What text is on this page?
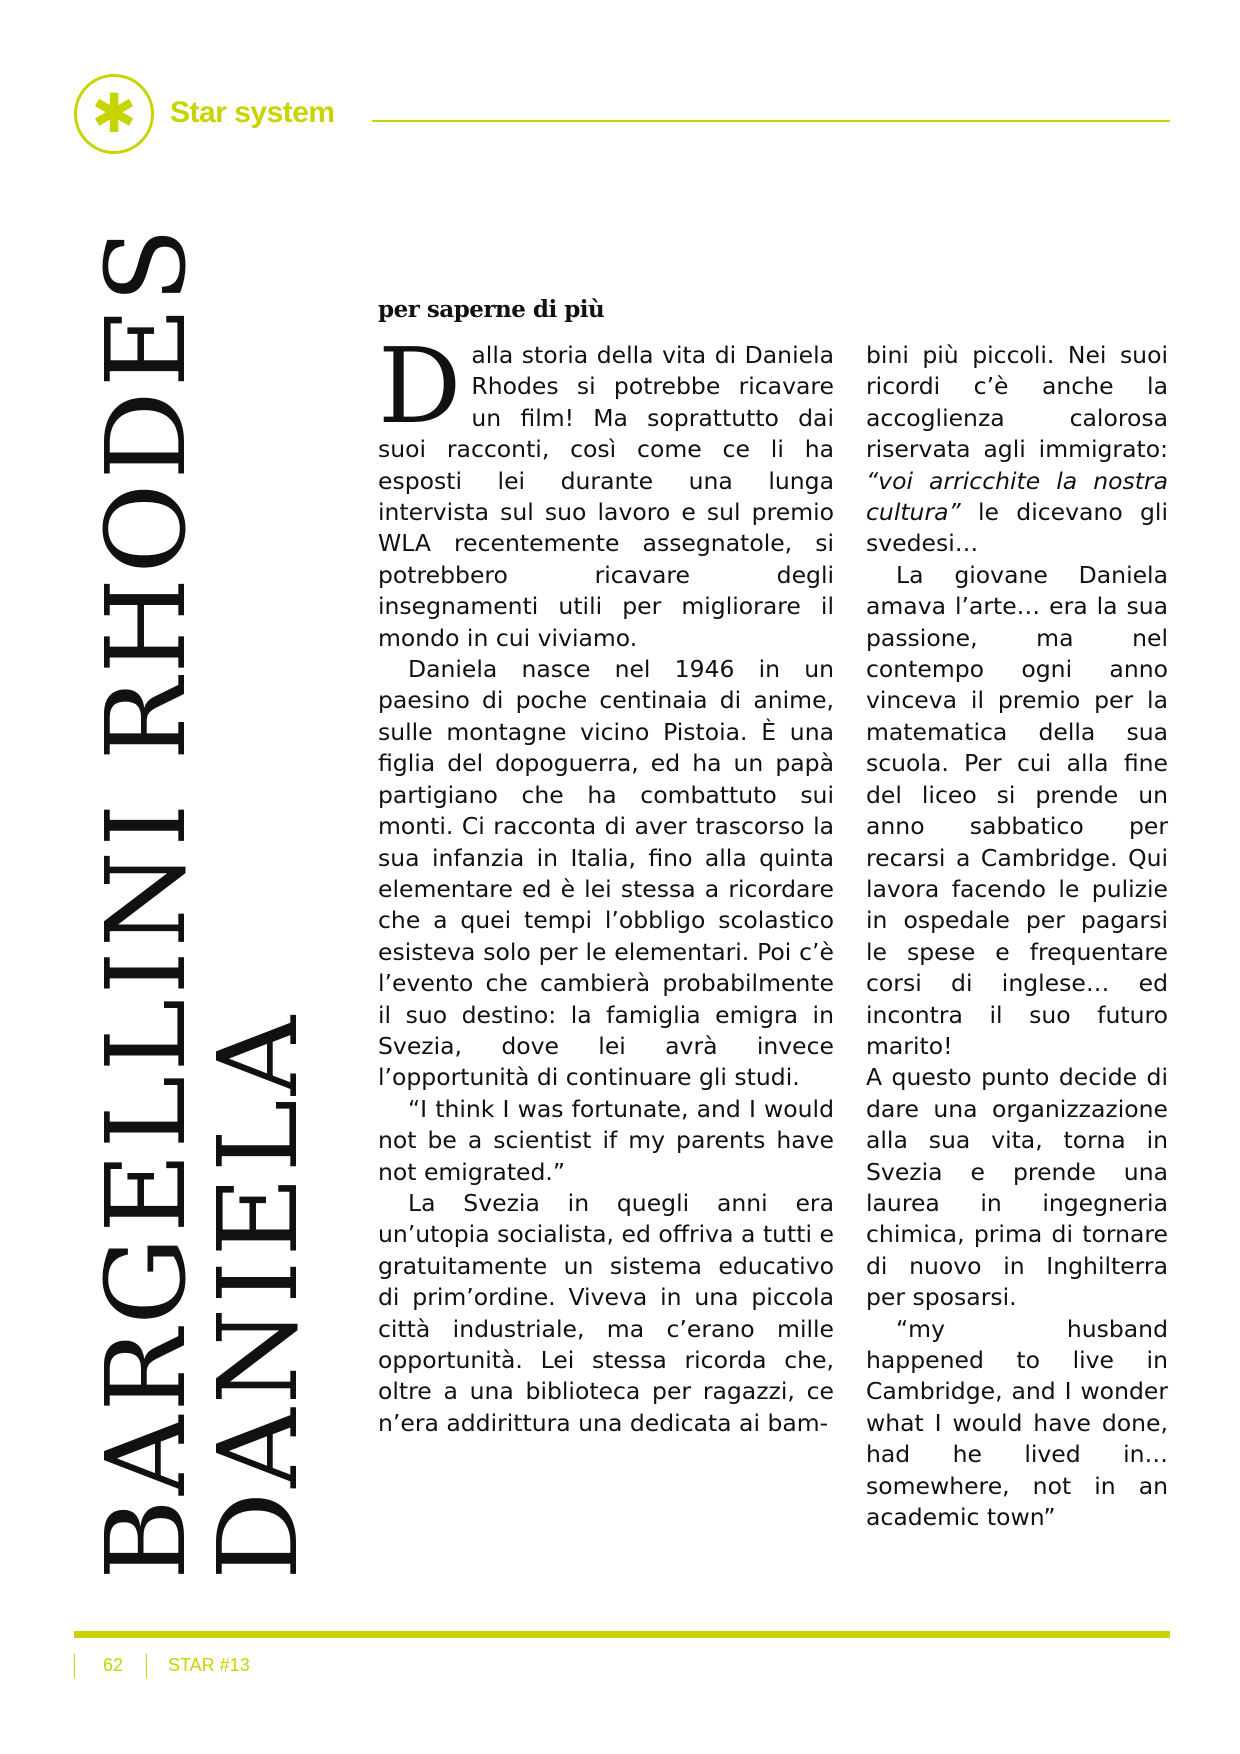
✱	Star system
BARGELLINI RHODES
DANIELA
per saperne di più

Dalla storia della vita di Daniela Rhodes si potrebbe ricavare un film! Ma soprattutto dai suoi racconti, così come ce li ha esposti lei durante una lunga intervista sul suo lavoro e sul premio WLA recentemente assegnatole, si potrebbero ricavare degli insegnamenti utili per migliorare il mondo in cui viviamo.

Daniela nasce nel 1946 in un paesino di poche centinaia di anime, sulle montagne vicino Pistoia. È una figlia del dopoguerra, ed ha un papà partigiano che ha combattuto sui monti. Ci racconta di aver trascorso la sua infanzia in Italia, fino alla quinta elementare ed è lei stessa a ricordare che a quei tempi l’obbligo scolastico esisteva solo per le elementari. Poi c’è l’evento che cambierà probabilmente il suo destino: la famiglia emigra in Svezia, dove lei avrà invece l’opportunità di continuare gli studi.

“I think I was fortunate, and I would not be a scientist if my parents have not emigrated.”

La Svezia in quegli anni era un’utopia socialista, ed offriva a tutti e gratuitamente un sistema educativo di prim’ordine. Viveva in una piccola città industriale, ma c’erano mille opportunità. Lei stessa ricorda che, oltre a una biblioteca per ragazzi, ce n’era addirittura una dedicata ai bam-

bini più piccoli. Nei suoi ricordi c’è anche la accoglienza calorosa riservata agli immigrato: “voi arricchite la nostra cultura” le dicevano gli svedesi…

La giovane Daniela amava l’arte… era la sua passione, ma nel contempo ogni anno vinceva il premio per la matematica della sua scuola. Per cui alla fine del liceo si prende un anno sabbatico per recarsi a Cambridge. Qui lavora facendo le pulizie in ospedale per pagarsi le spese e frequentare corsi di inglese… ed incontra il suo futuro marito!

A questo punto decide di dare una organizzazione alla sua vita, torna in Svezia e prende una laurea in ingegneria chimica, prima di tornare di nuovo in Inghilterra per sposarsi.

“my husband happened to live in Cambridge, and I wonder what I would have done, had he lived in… somewhere, not in an academic town”

62 STAR #13
